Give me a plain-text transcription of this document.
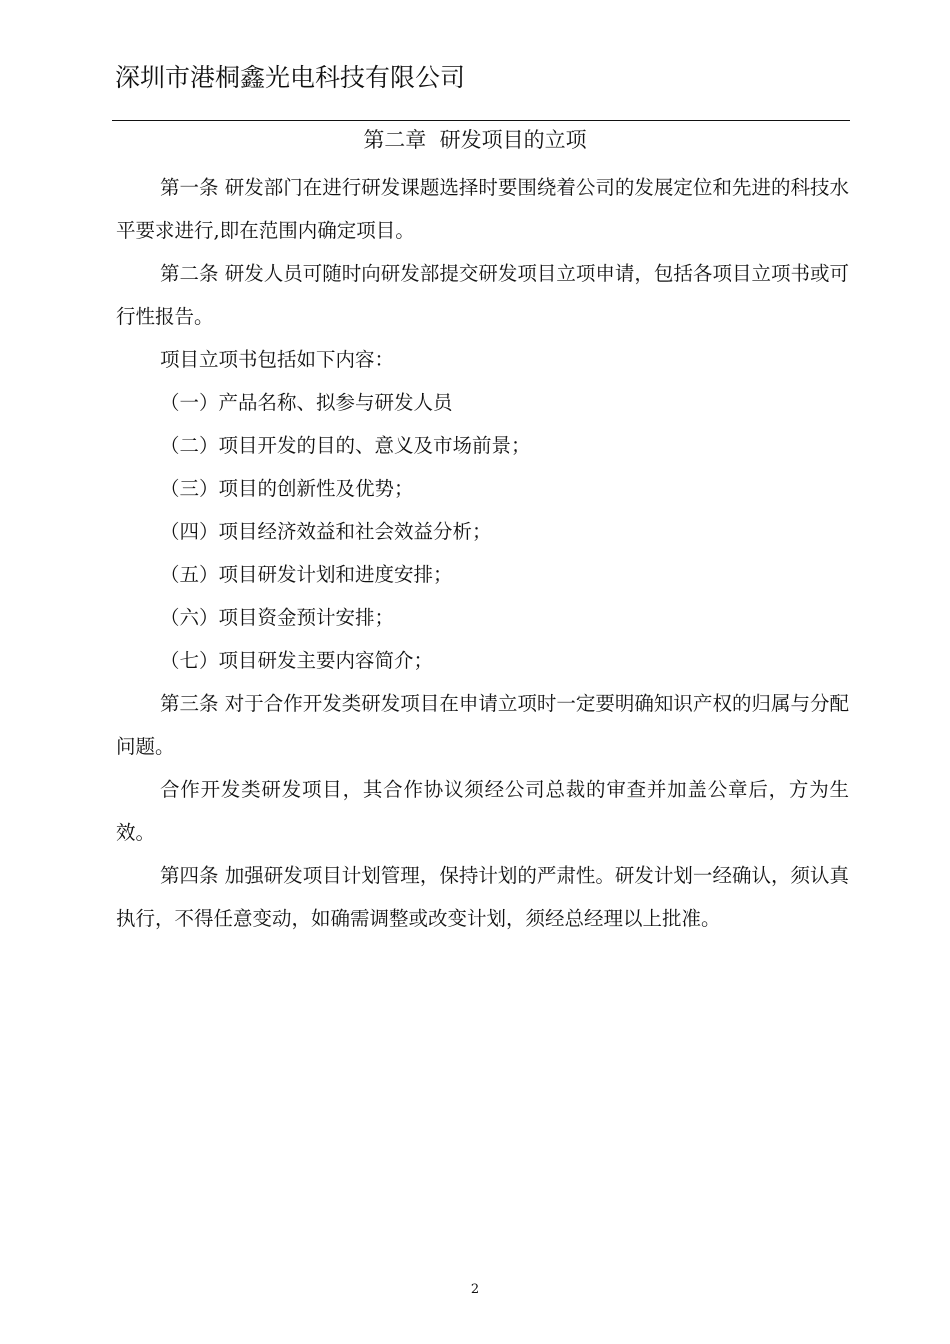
深圳市港桐鑫光电科技有限公司
第二章  研发项目的立项

第一条 研发部门在进行研发课题选择时要围绕着公司的发展定位和先进的科技水平要求进行,即在范围内确定项目。

第二条 研发人员可随时向研发部提交研发项目立项申请，包括各项目立项书或可行性报告。

项目立项书包括如下内容：

（一）产品名称、拟参与研发人员

（二）项目开发的目的、意义及市场前景；

（三）项目的创新性及优势；

（四）项目经济效益和社会效益分析；

（五）项目研发计划和进度安排；

（六）项目资金预计安排；

（七）项目研发主要内容简介；

第三条 对于合作开发类研发项目在申请立项时一定要明确知识产权的归属与分配问题。

合作开发类研发项目，其合作协议须经公司总裁的审查并加盖公章后，方为生效。

第四条 加强研发项目计划管理，保持计划的严肃性。研发计划一经确认，须认真执行，不得任意变动，如确需调整或改变计划，须经总经理以上批准。

2
